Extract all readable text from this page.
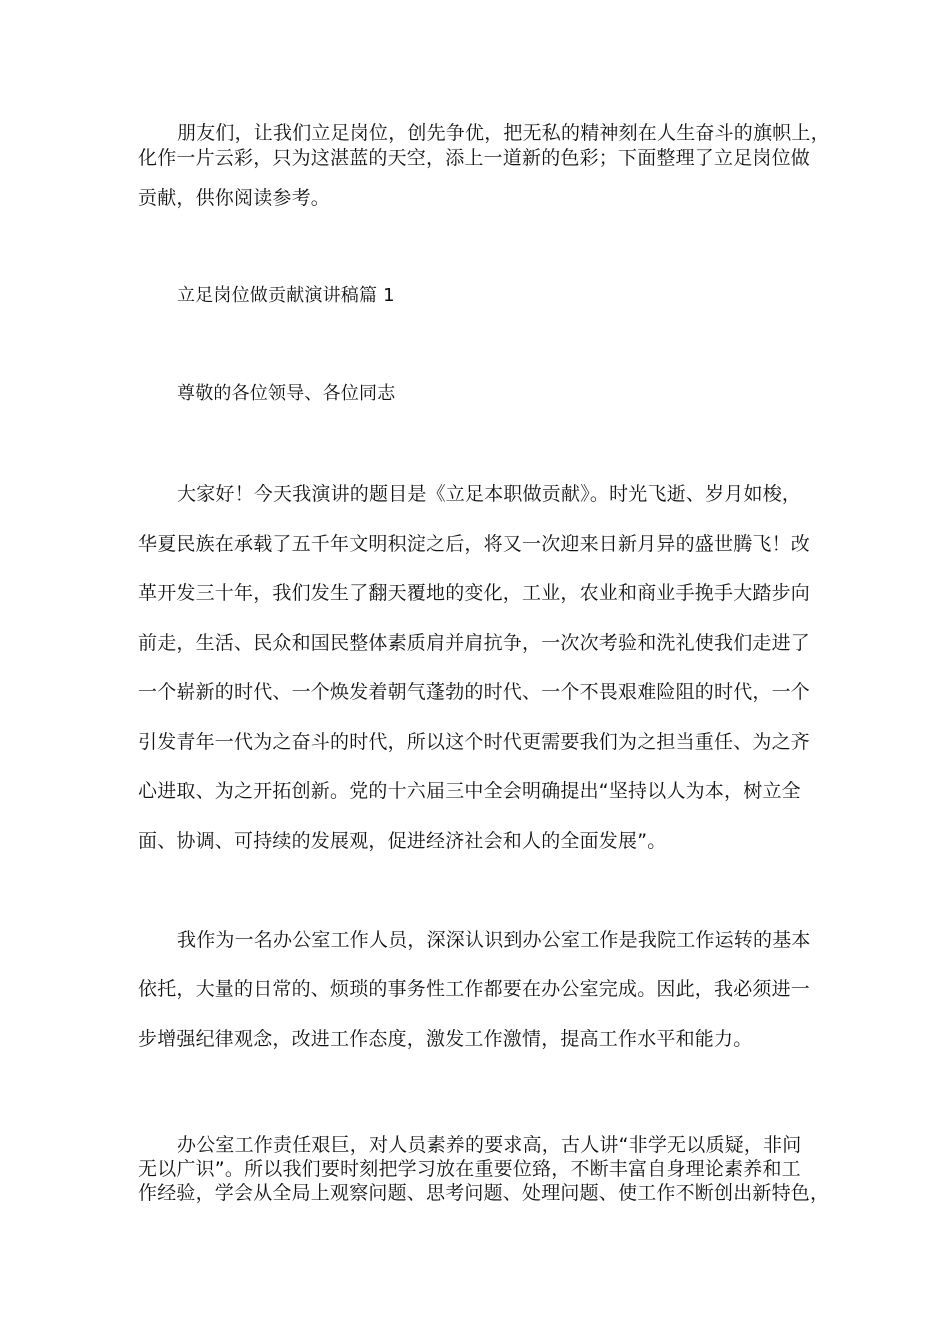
朋友们，让我们立足岗位，创先争优，把无私的精神刻在人生奋斗的旗帜上，
化作一片云彩，只为这湛蓝的天空，添上一道新的色彩；下面整理了立足岗位做
贡献，供你阅读参考。
立足岗位做贡献演讲稿篇 1
尊敬的各位领导、各位同志
大家好！今天我演讲的题目是《立足本职做贡献》。时光飞逝、岁月如梭，
华夏民族在承载了五千年文明积淀之后，将又一次迎来日新月异的盛世腾飞！改
革开发三十年，我们发生了翻天覆地的变化，工业，农业和商业手挽手大踏步向
前走，生活、民众和国民整体素质肩并肩抗争，一次次考验和洗礼使我们走进了
一个崭新的时代、一个焕发着朝气蓬勃的时代、一个不畏艰难险阻的时代，一个
引发青年一代为之奋斗的时代，所以这个时代更需要我们为之担当重任、为之齐
心进取、为之开拓创新。党的十六届三中全会明确提出“坚持以人为本，树立全
面、协调、可持续的发展观，促进经济社会和人的全面发展”。
我作为一名办公室工作人员，深深认识到办公室工作是我院工作运转的基本
依托，大量的日常的、烦琐的事务性工作都要在办公室完成。因此，我必须进一
步增强纪律观念，改进工作态度，激发工作激情，提高工作水平和能力。
办公室工作责任艰巨，对人员素养的要求高，古人讲“非学无以质疑，非问
无以广识”。所以我们要时刻把学习放在重要位臵，不断丰富自身理论素养和工
作经验，学会从全局上观察问题、思考问题、处理问题、使工作不断创出新特色，
